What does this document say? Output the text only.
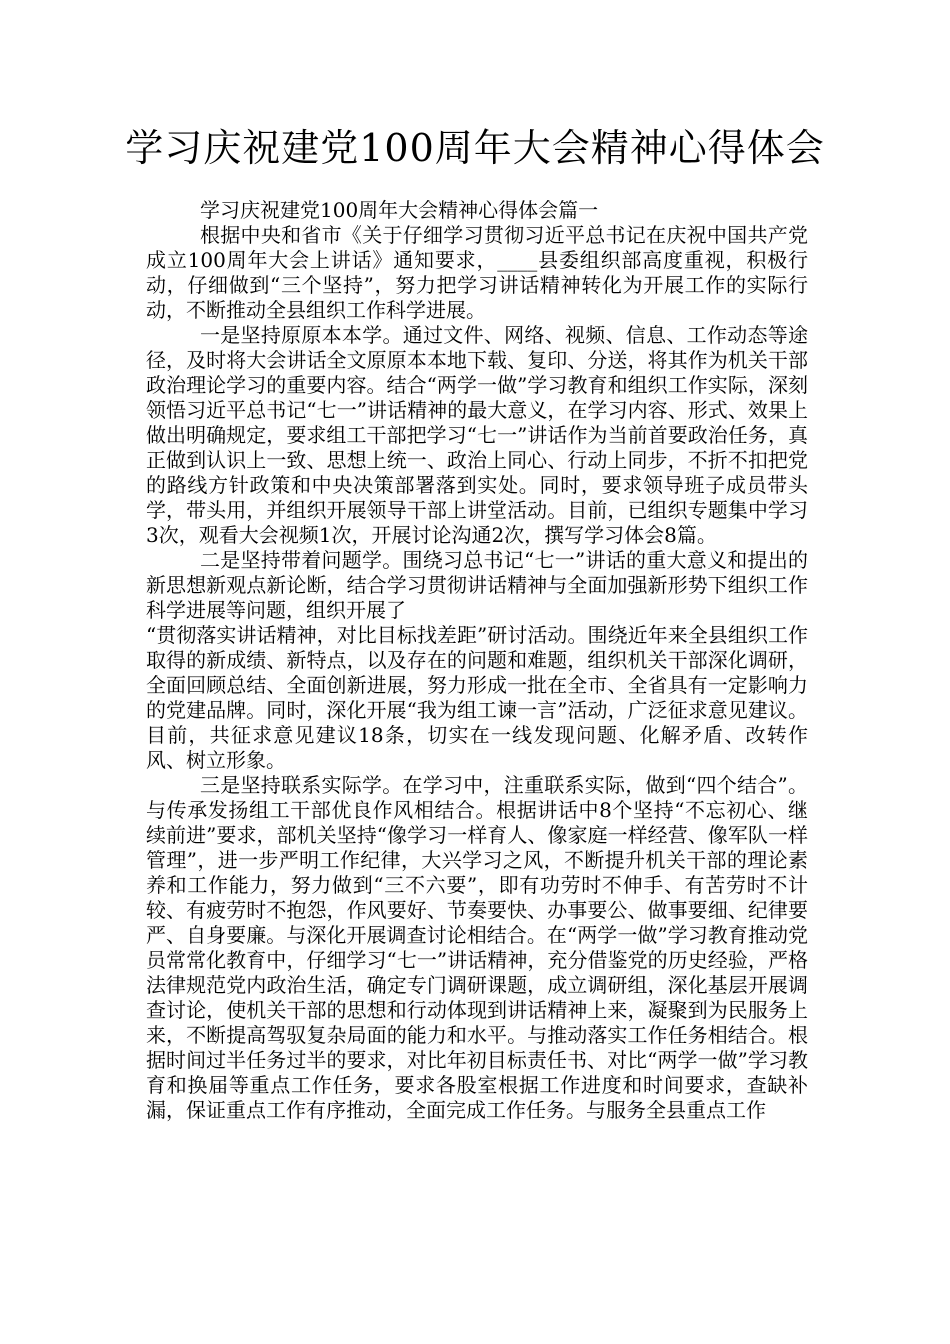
学习庆祝建党100周年大会精神心得体会

学习庆祝建党100周年大会精神心得体会篇一

根据中央和省市《关于仔细学习贯彻习近平总书记在庆祝中国共产党成立100周年大会上讲话》通知要求，____县委组织部高度重视，积极行动，仔细做到“三个坚持”，努力把学习讲话精神转化为开展工作的实际行动，不断推动全县组织工作科学进展。

一是坚持原原本本学。通过文件、网络、视频、信息、工作动态等途径，及时将大会讲话全文原原本本地下载、复印、分送，将其作为机关干部政治理论学习的重要内容。结合“两学一做”学习教育和组织工作实际，深刻领悟习近平总书记“七一”讲话精神的最大意义，在学习内容、形式、效果上做出明确规定，要求组工干部把学习“七一”讲话作为当前首要政治任务，真正做到认识上一致、思想上统一、政治上同心、行动上同步，不折不扣把党的路线方针政策和中央决策部署落到实处。同时，要求领导班子成员带头学，带头用，并组织开展领导干部上讲堂活动。目前，已组织专题集中学习3次，观看大会视频1次，开展讨论沟通2次，撰写学习体会8篇。

二是坚持带着问题学。围绕习总书记“七一”讲话的重大意义和提出的新思想新观点新论断，结合学习贯彻讲话精神与全面加强新形势下组织工作科学进展等问题，组织开展了

“贯彻落实讲话精神，对比目标找差距”研讨活动。围绕近年来全县组织工作取得的新成绩、新特点，以及存在的问题和难题，组织机关干部深化调研，全面回顾总结、全面创新进展，努力形成一批在全市、全省具有一定影响力的党建品牌。同时，深化开展“我为组工谏一言”活动，广泛征求意见建议。目前，共征求意见建议18条，切实在一线发现问题、化解矛盾、改转作风、树立形象。

三是坚持联系实际学。在学习中，注重联系实际，做到“四个结合”。与传承发扬组工干部优良作风相结合。根据讲话中8个坚持“不忘初心、继续前进”要求，部机关坚持“像学习一样育人、像家庭一样经营、像军队一样管理”，进一步严明工作纪律，大兴学习之风，不断提升机关干部的理论素养和工作能力，努力做到“三不六要”，即有功劳时不伸手、有苦劳时不计较、有疲劳时不抱怨，作风要好、节奏要快、办事要公、做事要细、纪律要严、自身要廉。与深化开展调查讨论相结合。在“两学一做”学习教育推动党员常常化教育中，仔细学习“七一”讲话精神，充分借鉴党的历史经验，严格法律规范党内政治生活，确定专门调研课题，成立调研组，深化基层开展调查讨论，使机关干部的思想和行动体现到讲话精神上来，凝聚到为民服务上来，不断提高驾驭复杂局面的能力和水平。与推动落实工作任务相结合。根据时间过半任务过半的要求，对比年初目标责任书、对比“两学一做”学习教育和换届等重点工作任务，要求各股室根据工作进度和时间要求，查缺补漏，保证重点工作有序推动，全面完成工作任务。与服务全县重点工作
